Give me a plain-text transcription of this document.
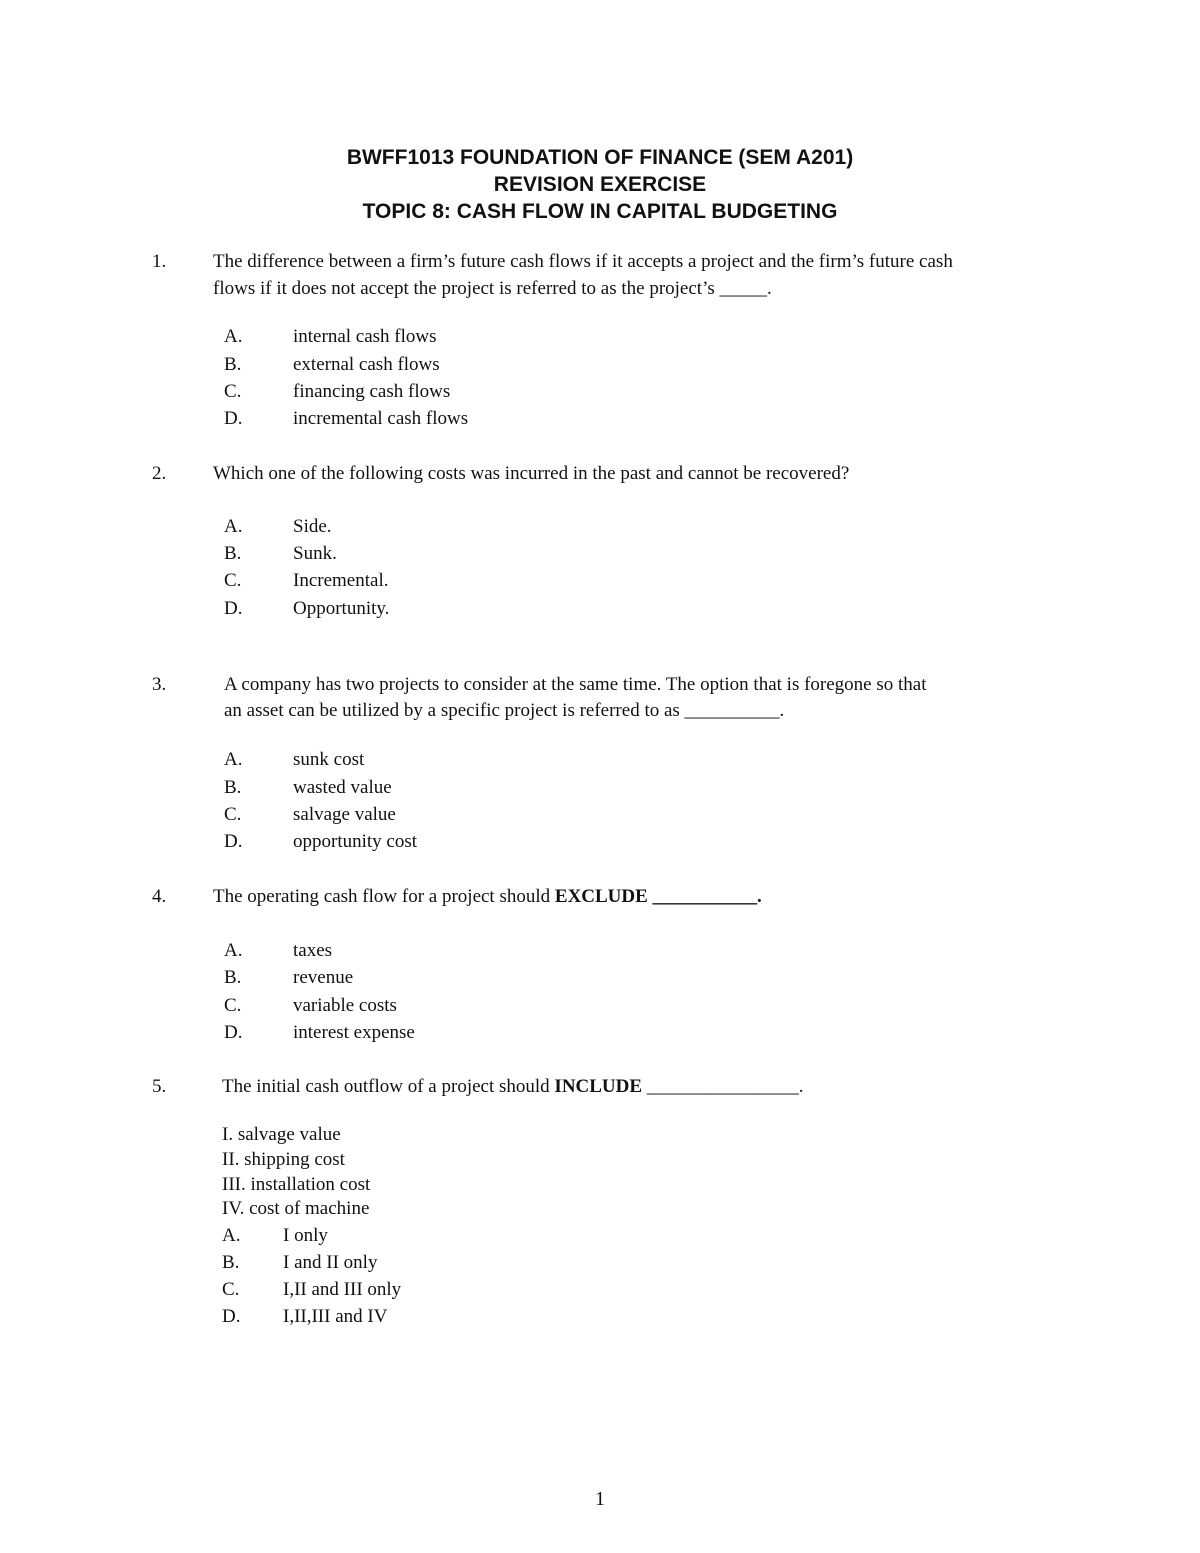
BWFF1013 FOUNDATION OF FINANCE (SEM A201)
REVISION EXERCISE
TOPIC 8: CASH FLOW IN CAPITAL BUDGETING
1. The difference between a firm’s future cash flows if it accepts a project and the firm’s future cash
flows if it does not accept the project is referred to as the project’s _____.
A.	internal cash flows
B.	external cash flows
C.	financing cash flows
D.	incremental cash flows
2. Which one of the following costs was incurred in the past and cannot be recovered?
A.	Side.
B.	Sunk.
C.	Incremental.
D.	Opportunity.
3.	A company has two projects to consider at the same time. The option that is foregone so that
an asset can be utilized by a specific project is referred to as __________.
A.	sunk cost
B.	wasted value
C.	salvage value
D.	opportunity cost
4. The operating cash flow for a project should EXCLUDE ___________.
A.	taxes
B.	revenue
C.	variable costs
D.	interest expense
5.	The initial cash outflow of a project should INCLUDE ________________.
I. salvage value
II. shipping cost
III. installation cost
IV. cost of machine
A. I only
B. I and II only
C. I,II and III only
D. I,II,III and IV
1
